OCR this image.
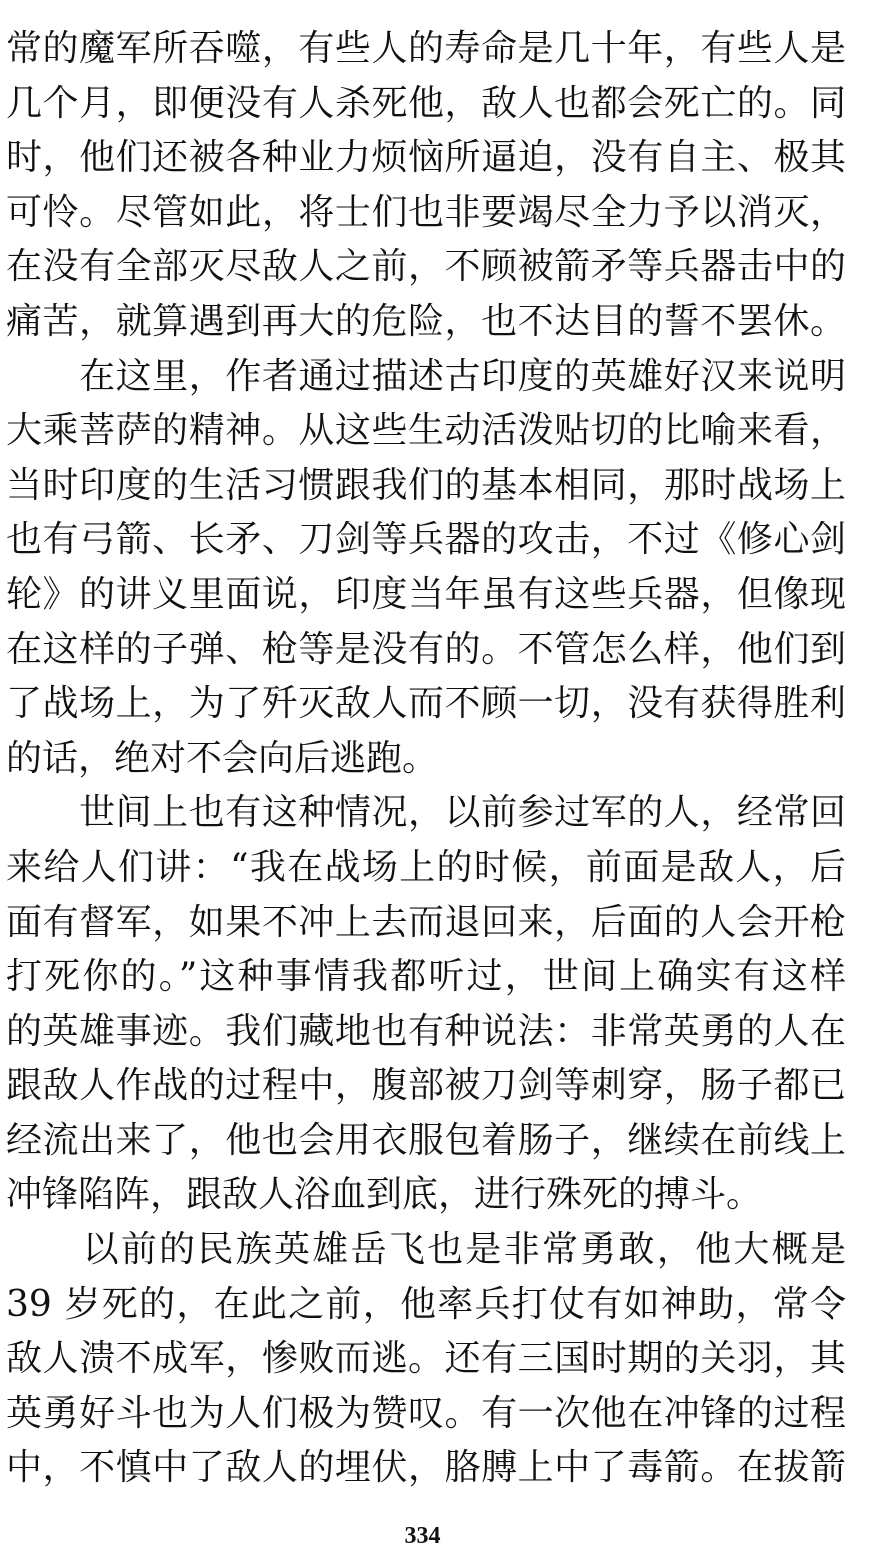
常的魔军所吞噬，有些人的寿命是几十年，有些人是
几个月，即便没有人杀死他，敌人也都会死亡的。同
时，他们还被各种业力烦恼所逼迫，没有自主、极其
可怜。尽管如此，将士们也非要竭尽全力予以消灭，
在没有全部灭尽敌人之前，不顾被箭矛等兵器击中的
痛苦，就算遇到再大的危险，也不达目的誓不罢休。
　　在这里，作者通过描述古印度的英雄好汉来说明
大乘菩萨的精神。从这些生动活泼贴切的比喻来看，
当时印度的生活习惯跟我们的基本相同，那时战场上
也有弓箭、长矛、刀剑等兵器的攻击，不过《修心剑
轮》的讲义里面说，印度当年虽有这些兵器，但像现
在这样的子弹、枪等是没有的。不管怎么样，他们到
了战场上，为了歼灭敌人而不顾一切，没有获得胜利
的话，绝对不会向后逃跑。
　　世间上也有这种情况，以前参过军的人，经常回
来给人们讲：“我在战场上的时候，前面是敌人，后
面有督军，如果不冲上去而退回来，后面的人会开枪
打死你的。”这种事情我都听过，世间上确实有这样
的英雄事迹。我们藏地也有种说法：非常英勇的人在
跟敌人作战的过程中，腹部被刀剑等刺穿，肠子都已
经流出来了，他也会用衣服包着肠子，继续在前线上
冲锋陷阵，跟敌人浴血到底，进行殊死的搏斗。
　　以前的民族英雄岳飞也是非常勇敢，他大概是
39 岁死的，在此之前，他率兵打仗有如神助，常令
敌人溃不成军，惨败而逃。还有三国时期的关羽，其
英勇好斗也为人们极为赞叹。有一次他在冲锋的过程
中，不慎中了敌人的埋伏，胳膊上中了毒箭。在拔箭
334
